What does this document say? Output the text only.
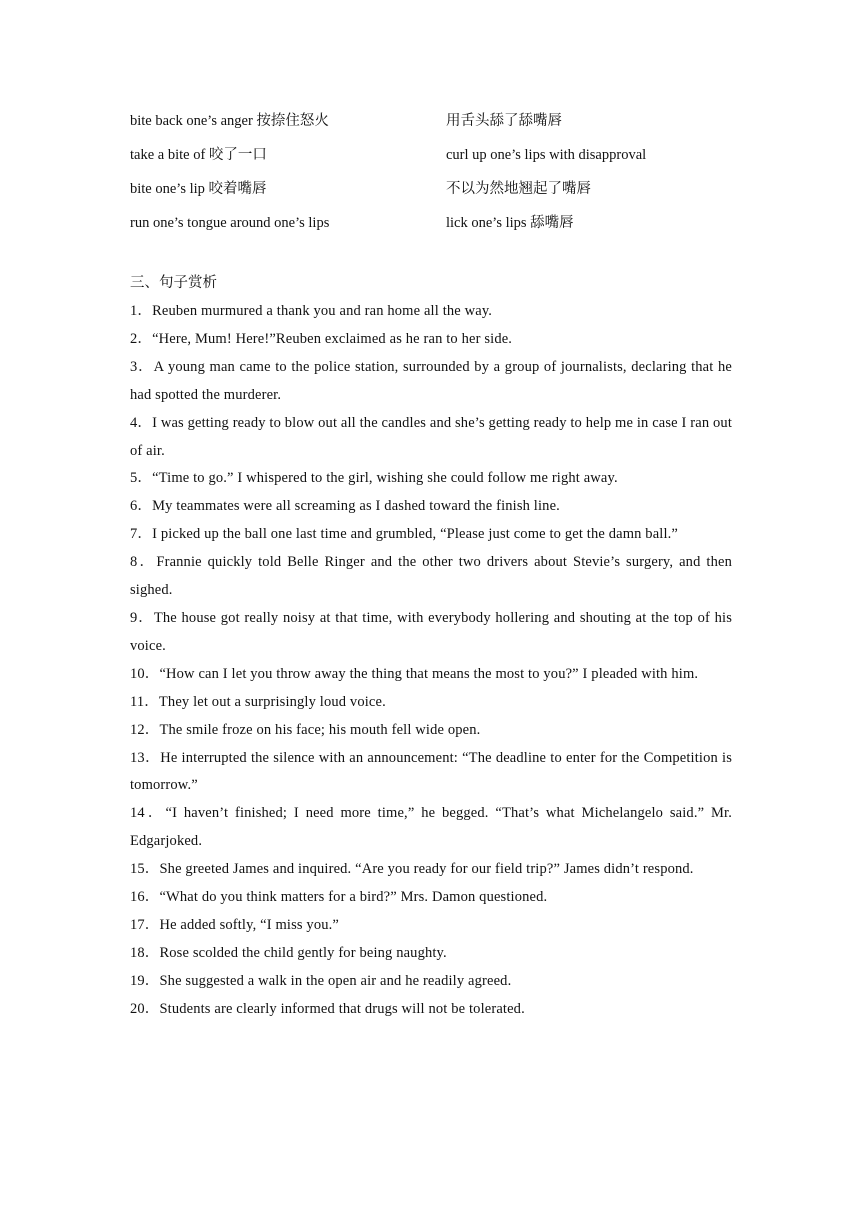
bite back one’s anger 按捺住怒火	用舌头舔了舔嘴唇
take a bite of 咬了一口	curl up one’s lips with disapproval
bite one’s lip 咬着嘴唇	不以为然地翘起了嘴唇
run one’s tongue around one’s lips	lick one’s lips 舔嘴唇
三、句子赏析

1．Reuben murmured a thank you and ran home all the way.

2．“Here, Mum! Here!”Reuben exclaimed as he ran to her side.

3．A young man came to the police station, surrounded by a group of journalists, declaring that he had spotted the murderer.

4．I was getting ready to blow out all the candles and she’s getting ready to help me in case I ran out of air.

5．“Time to go.” I whispered to the girl, wishing she could follow me right away.

6．My teammates were all screaming as I dashed toward the finish line.

7．I picked up the ball one last time and grumbled, “Please just come to get the damn ball.”

8．Frannie quickly told Belle Ringer and the other two drivers about Stevie’s surgery, and then sighed.

9．The house got really noisy at that time, with everybody hollering and shouting at the top of his voice.

10．“How can I let you throw away the thing that means the most to you?” I pleaded with him.

11．They let out a surprisingly loud voice.

12．The smile froze on his face; his mouth fell wide open.

13．He interrupted the silence with an announcement: “The deadline to enter for the Competition is tomorrow.”

14．“I haven’t finished; I need more time,” he begged. “That’s what Michelangelo said.” Mr. Edgarjoked.

15．She greeted James and inquired. “Are you ready for our field trip?” James didn’t respond.

16．“What do you think matters for a bird?” Mrs. Damon questioned.

17．He added softly, “I miss you.”

18．Rose scolded the child gently for being naughty.

19．She suggested a walk in the open air and he readily agreed.

20．Students are clearly informed that drugs will not be tolerated.
